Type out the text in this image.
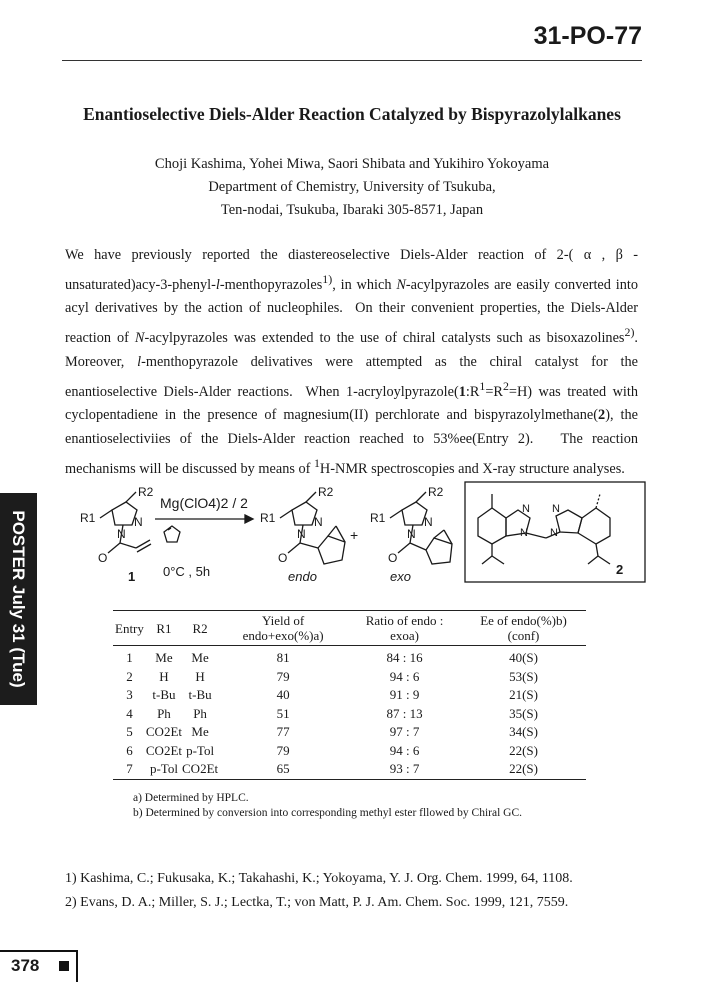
31-PO-77
Enantioselective Diels-Alder Reaction Catalyzed by Bispyrazolylalkanes
Choji Kashima, Yohei Miwa, Saori Shibata and Yukihiro Yokoyama
Department of Chemistry, University of Tsukuba,
Ten-nodai, Tsukuba, Ibaraki 305-8571, Japan

We have previously reported the diastereoselective Diels-Alder reaction of 2-( α , β - unsaturated)acy-3-phenyl-l-menthopyrazoles$^{1)}$, in which N-acylpyrazoles are easily converted into acyl derivatives by the action of nucleophiles.  On their convenient properties, the Diels-Alder reaction of N-acylpyrazoles was extended to the use of chiral catalysts such as bisoxazolines$^{2)}$. Moreover, l-menthopyrazole delivatives were attempted as the chiral catalyst for the enantioselective Diels-Alder reactions.  When $1-acryloylpyrazole(1:R^1=R^2=H)$ was treated with cyclopentadiene in the presence of magnesium(II) perchlorate and bispyrazolylmethane(2), the enantioselectiviies of the Diels-Alder reaction reached to 53%ee(Entry 2).   The reaction mechanisms will be discussed by means of $^1$H-NMR spectroscopies and X-ray structure analyses.

POSTER July 31 (Tue)
R2
R1	N
N
O
1
Mg(ClO4)2 / 2
0°C , 5h
R2
R1	N
N
O
endo
+
R2
R1	N
N
O
exo
N
N
N
N
2
Entry	R1	R2	Yield of endo+exo(%)a)	Ratio of endo : exoa)	Ee of endo(%)b) (conf)
1	Me	Me	81	84 : 16	40(S)
2	H	H	79	94 : 6	53(S)
3	t-Bu	t-Bu	40	91 : 9	21(S)
4	Ph	Ph	51	87 : 13	35(S)
5	CO2Et	Me	77	97 : 7	34(S)
6	CO2Et	p-Tol	79	94 : 6	22(S)
7	p-Tol	CO2Et	65	93 : 7	22(S)
a) Determined by HPLC.
b) Determined by conversion into corresponding methyl ester fllowed by Chiral GC.
1) Kashima, C.; Fukusaka, K.; Takahashi, K.; Yokoyama, Y. J. Org. Chem. 1999, 64, 1108.
2) Evans, D. A.; Miller, S. J.; Lectka, T.; von Matt, P. J. Am. Chem. Soc. 1999, 121, 7559.
378
